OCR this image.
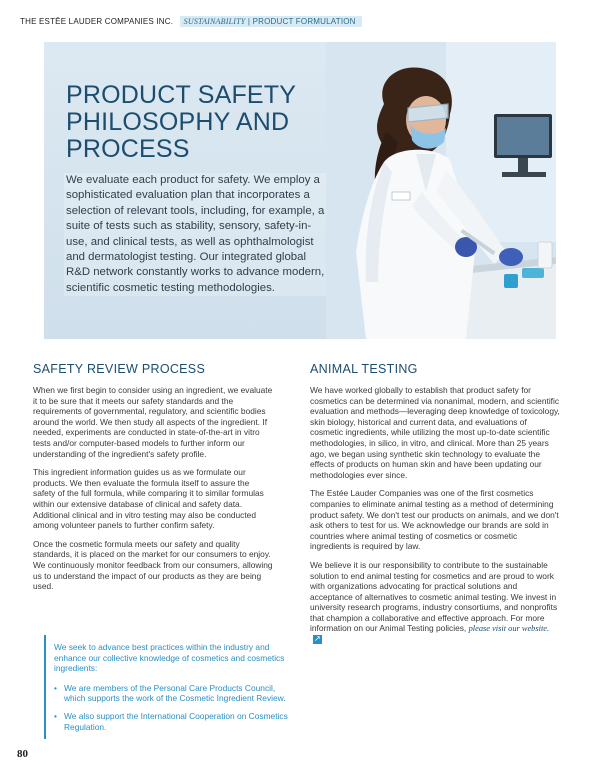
THE ESTĒE LAUDER COMPANIES INC. SUSTAINABILITY | PRODUCT FORMULATION
PRODUCT SAFETY PHILOSOPHY AND PROCESS
We evaluate each product for safety. We employ a sophisticated evaluation plan that incorporates a selection of relevant tools, including, for example, a suite of tests such as stability, sensory, safety-in-use, and clinical tests, as well as ophthalmologist and dermatologist testing. Our integrated global R&D network constantly works to advance modern, scientific cosmetic testing methodologies.
SAFETY REVIEW PROCESS

When we first begin to consider using an ingredient, we evaluate it to be sure that it meets our safety standards and the requirements of governmental, regulatory, and scientific bodies around the world. We then study all aspects of the ingredient. If needed, experiments are conducted in state-of-the-art in vitro tests and/or computer-based models to further inform our understanding of the ingredient's safety profile.

This ingredient information guides us as we formulate our products. We then evaluate the formula itself to assure the safety of the full formula, while comparing it to similar formulas within our extensive database of clinical and safety data. Additional clinical and in vitro testing may also be conducted among volunteer panels to further confirm safety.

Once the cosmetic formula meets our safety and quality standards, it is placed on the market for our consumers to enjoy. We continuously monitor feedback from our consumers, allowing us to understand the impact of our products as they are being used.

ANIMAL TESTING

We have worked globally to establish that product safety for cosmetics can be determined via nonanimal, modern, and scientific evaluation and methods—leveraging deep knowledge of toxicology, skin biology, historical and current data, and evaluations of cosmetic ingredients, while utilizing the most up-to-date scientific methodologies, in silico, in vitro, and clinical. More than 25 years ago, we began using synthetic skin technology to evaluate the effects of products on human skin and have been updating our methodologies ever since.

The Estée Lauder Companies was one of the first cosmetics companies to eliminate animal testing as a method of determining product safety. We don't test our products on animals, and we don't ask others to test for us. We acknowledge our brands are sold in countries where animal testing of cosmetics or cosmetic ingredients is required by law.

We believe it is our responsibility to contribute to the sustainable solution to end animal testing for cosmetics and are proud to work with organizations advocating for practical solutions and acceptance of alternatives to cosmetic animal testing. We invest in university research programs, industry consortiums, and nonprofits that champion a collaborative and effective approach. For more information on our Animal Testing policies, please visit our website.↗

We seek to advance best practices within the industry and enhance our collective knowledge of cosmetics and cosmetics ingredients:

• We are members of the Personal Care Products Council, which supports the work of the Cosmetic Ingredient Review.
• We also support the International Cooperation on Cosmetics Regulation.
80
